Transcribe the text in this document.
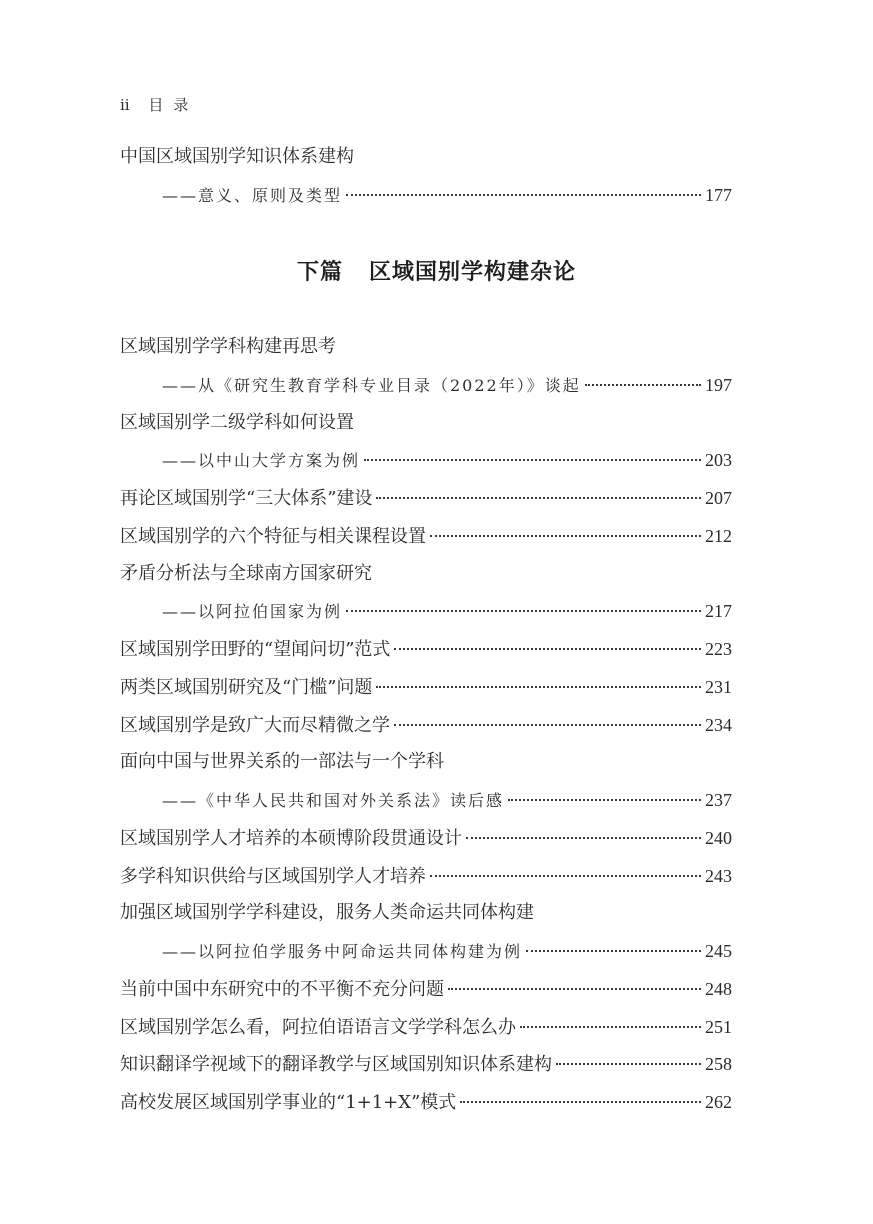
ii 目录
下篇 区域国别学构建杂论
中国区域国别学知识体系建构
——意义、原则及类型	177
区域国别学学科构建再思考
——从《研究生教育学科专业目录（2022年）》谈起	197
区域国别学二级学科如何设置
——以中山大学方案为例	203
再论区域国别学“三大体系”建设	207
区域国别学的六个特征与相关课程设置	212
矛盾分析法与全球南方国家研究
——以阿拉伯国家为例	217
区域国别学田野的“望闻问切”范式	223
两类区域国别研究及“门槛”问题	231
区域国别学是致广大而尽精微之学	234
面向中国与世界关系的一部法与一个学科
——《中华人民共和国对外关系法》读后感	237
区域国别学人才培养的本硕博阶段贯通设计	240
多学科知识供给与区域国别学人才培养	243
加强区域国别学学科建设，服务人类命运共同体构建
——以阿拉伯学服务中阿命运共同体构建为例	245
当前中国中东研究中的不平衡不充分问题	248
区域国别学怎么看，阿拉伯语语言文学学科怎么办	251
知识翻译学视域下的翻译教学与区域国别知识体系建构	258
高校发展区域国别学事业的“1+1+X”模式	262
